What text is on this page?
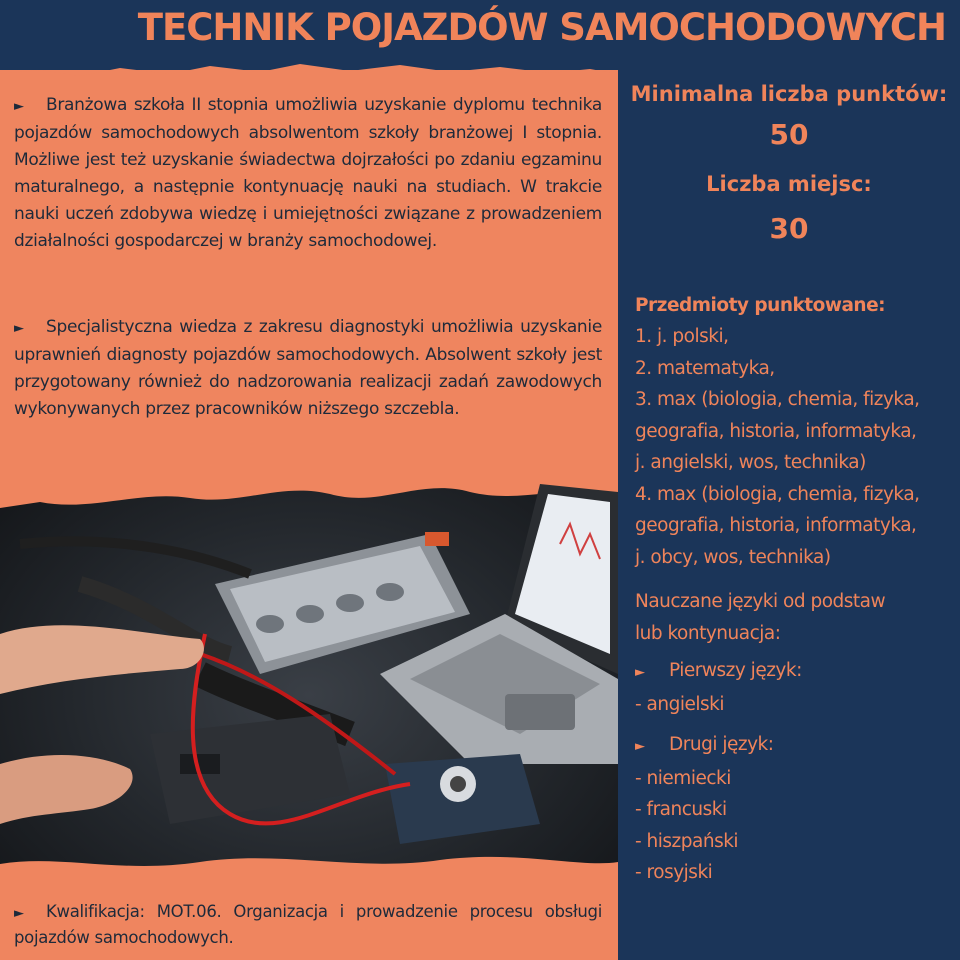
TECHNIK POJAZDÓW SAMOCHODOWYCH
► Branżowa szkoła II stopnia umożliwia uzyskanie dyplomu technika pojazdów samochodowych absolwentom szkoły branżowej I stopnia. Możliwe jest też uzyskanie świadectwa dojrzałości po zdaniu egzaminu maturalnego, a następnie kontynuację nauki na studiach. W trakcie nauki uczeń zdobywa wiedzę i umiejętności związane z prowadzeniem działalności gospodarczej w branży samochodowej.
► Specjalistyczna wiedza z zakresu diagnostyki umożliwia uzyskanie uprawnień diagnosty pojazdów samochodowych. Absolwent szkoły jest przygotowany również do nadzorowania realizacji zadań zawodowych wykonywanych przez pracowników niższego szczebla.
► Kwalifikacja: MOT.06. Organizacja i prowadzenie procesu obsługi pojazdów samochodowych.
Minimalna liczba punktów:
50
Liczba miejsc:
30
Przedmioty punktowane:
1. j. polski,
2. matematyka,
3. max (biologia, chemia, fizyka,
geografia, historia, informatyka,
j. angielski, wos, technika)
4. max (biologia, chemia, fizyka,
geografia, historia, informatyka,
j. obcy, wos, technika)
Nauczane języki od podstaw
lub kontynuacja:
► Pierwszy język:
- angielski
► Drugi język:
- niemiecki
- francuski
- hiszpański
- rosyjski
